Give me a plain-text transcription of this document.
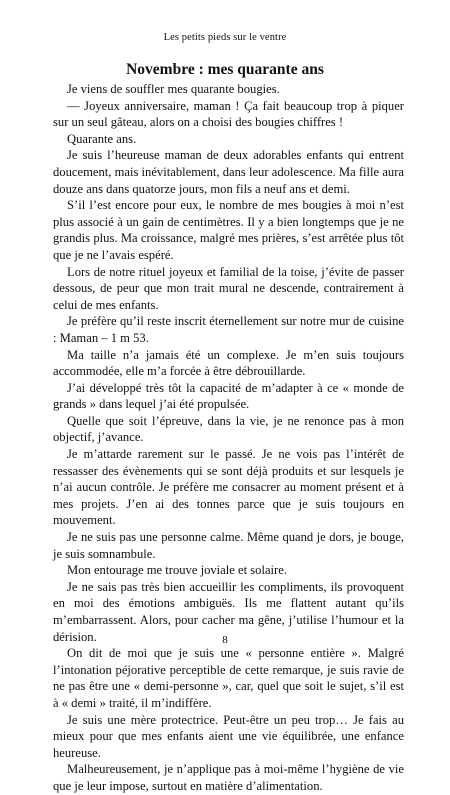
Les petits pieds sur le ventre
Novembre : mes quarante ans

Je viens de souffler mes quarante bougies.

— Joyeux anniversaire, maman ! Ça fait beaucoup trop à piquer sur un seul gâteau, alors on a choisi des bougies chiffres !

Quarante ans.

Je suis l’heureuse maman de deux adorables enfants qui entrent doucement, mais inévitablement, dans leur adolescence. Ma fille aura douze ans dans quatorze jours, mon fils a neuf ans et demi.

S’il l’est encore pour eux, le nombre de mes bougies à moi n’est plus associé à un gain de centimètres. Il y a bien longtemps que je ne grandis plus. Ma croissance, malgré mes prières, s’est arrêtée plus tôt que je ne l’avais espéré.

Lors de notre rituel joyeux et familial de la toise, j’évite de passer dessous, de peur que mon trait mural ne descende, contrairement à celui de mes enfants.

Je préfère qu’il reste inscrit éternellement sur notre mur de cuisine : Maman – 1 m 53.

Ma taille n’a jamais été un complexe. Je m’en suis toujours accommodée, elle m’a forcée à être débrouillarde.

J’ai développé très tôt la capacité de m’adapter à ce « monde de grands » dans lequel j’ai été propulsée.

Quelle que soit l’épreuve, dans la vie, je ne renonce pas à mon objectif, j’avance.

Je m’attarde rarement sur le passé. Je ne vois pas l’intérêt de ressasser des évènements qui se sont déjà produits et sur lesquels je n’ai aucun contrôle. Je préfère me consacrer au moment présent et à mes projets. J’en ai des tonnes parce que je suis toujours en mouvement.

Je ne suis pas une personne calme. Même quand je dors, je bouge, je suis somnambule.

Mon entourage me trouve joviale et solaire.

Je ne sais pas très bien accueillir les compliments, ils provoquent en moi des émotions ambiguës. Ils me flattent autant qu’ils m’embarrassent. Alors, pour cacher ma gêne, j’utilise l’humour et la dérision.

On dit de moi que je suis une « personne entière ». Malgré l’intonation péjorative perceptible de cette remarque, je suis ravie de ne pas être une « demi-personne », car, quel que soit le sujet, s’il est à « demi » traité, il m’indiffère.

Je suis une mère protectrice. Peut-être un peu trop… Je fais au mieux pour que mes enfants aient une vie équilibrée, une enfance heureuse.

Malheureusement, je n’applique pas à moi-même l’hygiène de vie que je leur impose, surtout en matière d’alimentation.

8
